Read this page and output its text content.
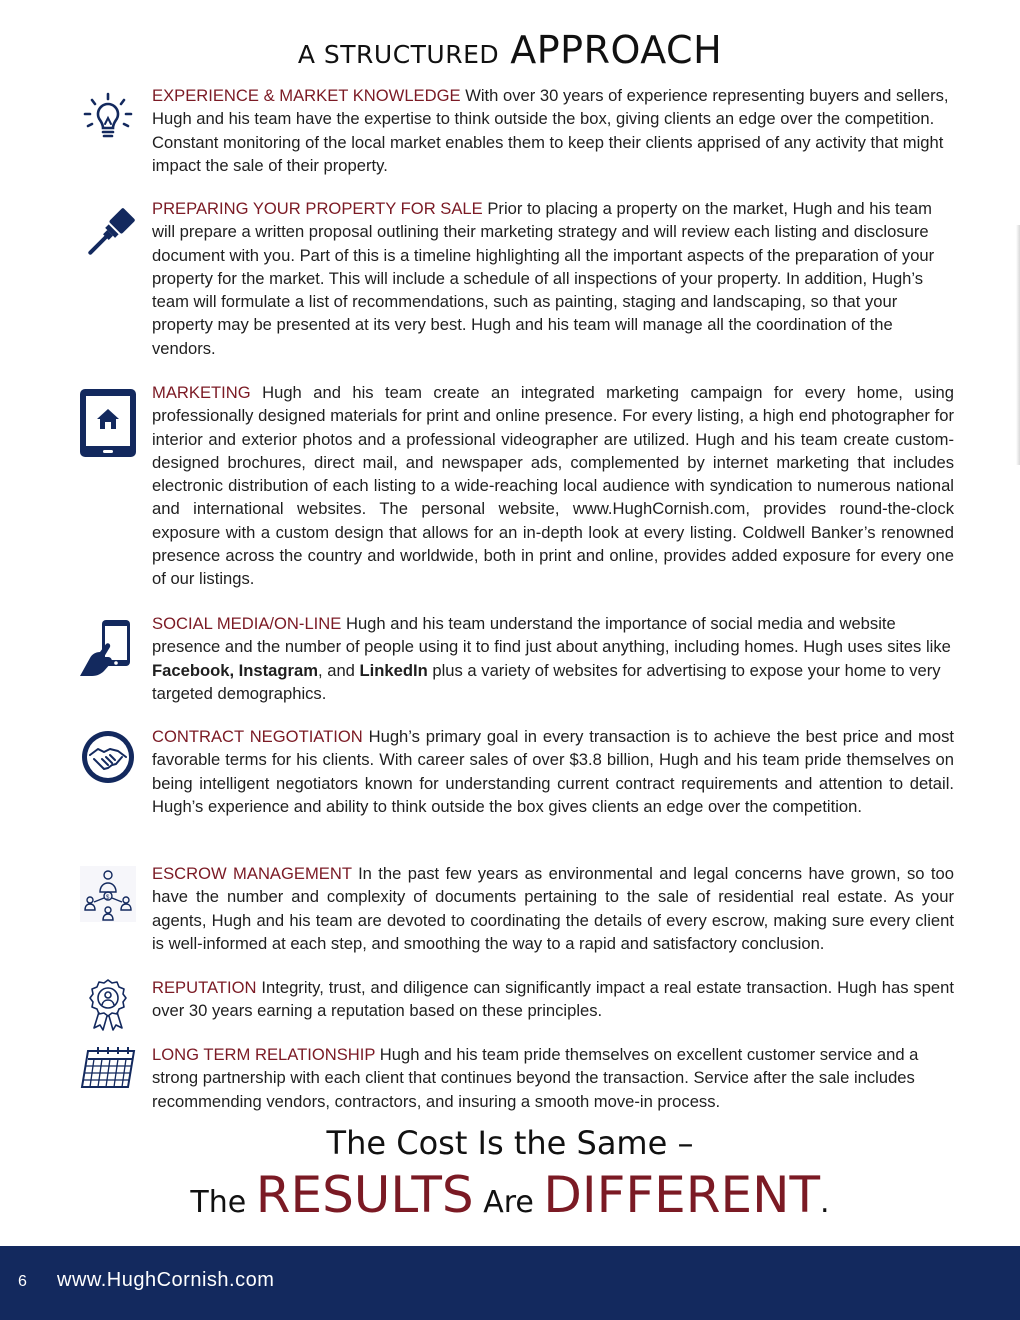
A STRUCTURED APPROACH
EXPERIENCE & MARKET KNOWLEDGE With over 30 years of experience representing buyers and sellers, Hugh and his team have the expertise to think outside the box, giving clients an edge over the competition. Constant monitoring of the local market enables them to keep their clients apprised of any activity that might impact the sale of their property.
PREPARING YOUR PROPERTY FOR SALE Prior to placing a property on the market, Hugh and his team will prepare a written proposal outlining their marketing strategy and will review each listing and disclosure document with you. Part of this is a timeline highlighting all the important aspects of the preparation of your property for the market. This will include a schedule of all inspections of your property. In addition, Hugh’s team will formulate a list of recommendations, such as painting, staging and landscaping, so that your property may be presented at its very best. Hugh and his team will manage all the coordination of the vendors.
MARKETING Hugh and his team create an integrated marketing campaign for every home, using professionally designed materials for print and online presence. For every listing, a high end photographer for interior and exterior photos and a professional videographer are utilized. Hugh and his team create custom-designed brochures, direct mail, and newspaper ads, complemented by internet marketing that includes electronic distribution of each listing to a wide-reaching local audience with syndication to numerous national and international websites. The personal website, www.HughCornish.com, provides round-the-clock exposure with a custom design that allows for an in-depth look at every listing. Coldwell Banker’s renowned presence across the country and worldwide, both in print and online, provides added exposure for every one of our listings.
SOCIAL MEDIA/ON-LINE Hugh and his team understand the importance of social media and website presence and the number of people using it to find just about anything, including homes. Hugh uses sites like Facebook, Instagram, and LinkedIn plus a variety of websites for advertising to expose your home to very targeted demographics.
CONTRACT NEGOTIATION Hugh’s primary goal in every transaction is to achieve the best price and most favorable terms for his clients. With career sales of over $3.8 billion, Hugh and his team pride themselves on being intelligent negotiators known for understanding current contract requirements and attention to detail. Hugh’s experience and ability to think outside the box gives clients an edge over the competition.
$
ESCROW MANAGEMENT In the past few years as environmental and legal concerns have grown, so too have the number and complexity of documents pertaining to the sale of residential real estate. As your agents, Hugh and his team are devoted to coordinating the details of every escrow, making sure every client is well-informed at each step, and smoothing the way to a rapid and satisfactory conclusion.
REPUTATION Integrity, trust, and diligence can significantly impact a real estate transaction. Hugh has spent over 30 years earning a reputation based on these principles.
LONG TERM RELATIONSHIP Hugh and his team pride themselves on excellent customer service and a strong partnership with each client that continues beyond the transaction. Service after the sale includes recommending vendors, contractors, and insuring a smooth move-in process.
The Cost Is the Same –
The RESULTS Are DIFFERENT.
6 www.HughCornish.com
